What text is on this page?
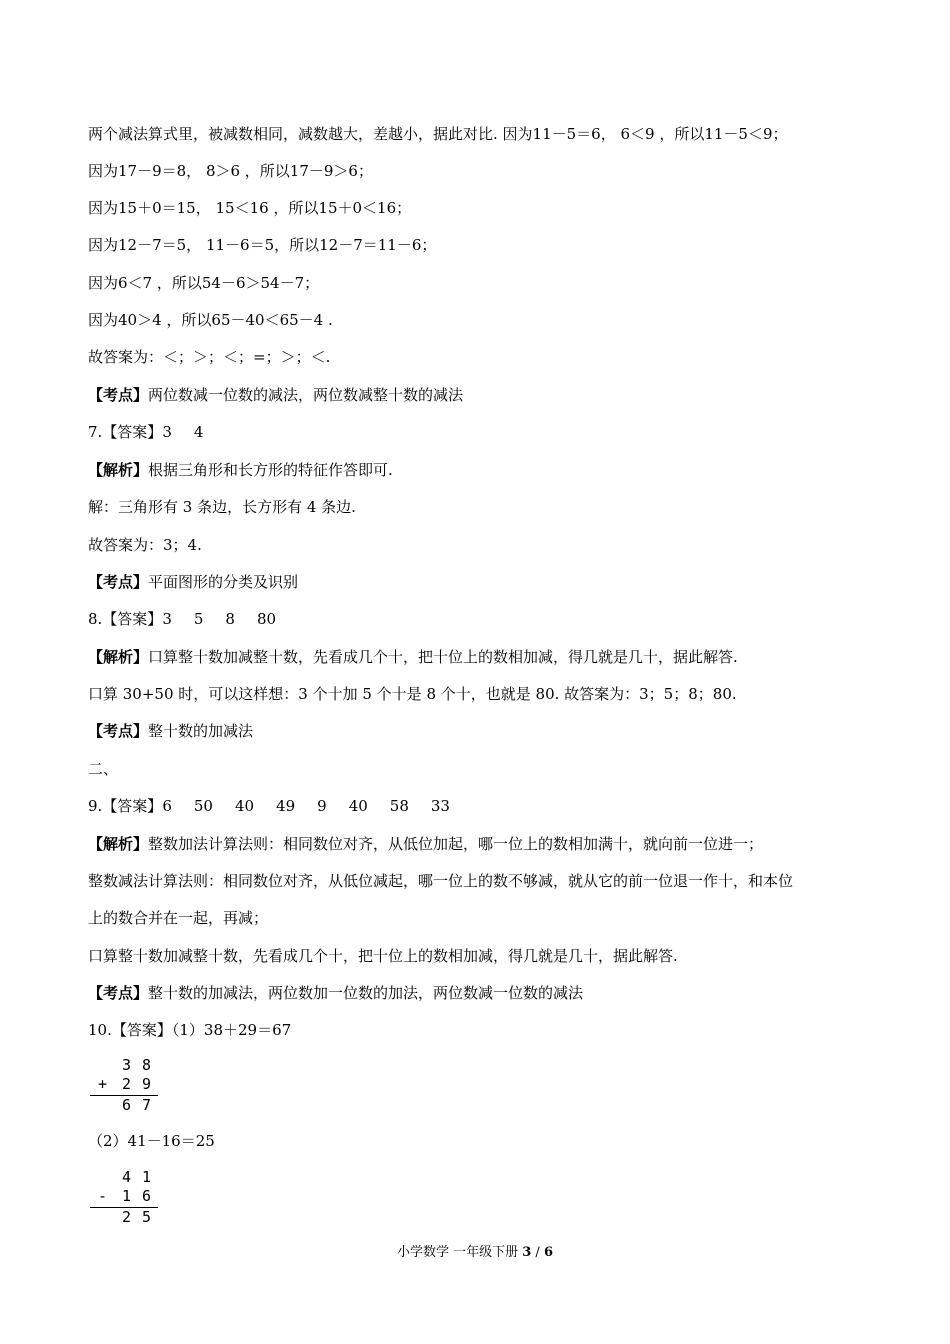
两个减法算式里，被减数相同，减数越大，差越小，据此对比. 因为11－5＝6， 6＜9 ，所以11－5＜9；
因为17－9＝8， 8＞6 ，所以17－9＞6；
因为15＋0＝15， 15＜16 ，所以15＋0＜16；
因为12－7＝5， 11－6＝5，所以12－7＝11－6；
因为6＜7 ，所以54－6＞54－7；
因为40＞4 ，所以65－40＜65－4 .
故答案为：＜；＞；＜；=；＞；＜.
【考点】两位数减一位数的减法，两位数减整十数的减法
7.【答案】3 4
【解析】根据三角形和长方形的特征作答即可.
解：三角形有 3 条边，长方形有 4 条边.
故答案为：3；4.
【考点】平面图形的分类及识别
8.【答案】3 5 8 80
【解析】口算整十数加减整十数，先看成几个十，把十位上的数相加减，得几就是几十，据此解答.
口算 30+50 时，可以这样想：3 个十加 5 个十是 8 个十，也就是 80. 故答案为：3；5；8；80.
【考点】整十数的加减法
二、
9.【答案】6 50 40 49 9 40 58 33
【解析】整数加法计算法则：相同数位对齐，从低位加起，哪一位上的数相加满十，就向前一位进一；
整数减法计算法则：相同数位对齐，从低位减起，哪一位上的数不够减，就从它的前一位退一作十，和本位
上的数合并在一起，再减；
口算整十数加减整十数，先看成几个十，把十位上的数相加减，得几就是几十，据此解答.
【考点】整十数的加减法，两位数加一位数的加法，两位数减一位数的减法
10.【答案】（1）38＋29＝67
（2）41－16＝25
3 8
+ 2 9
6 7
4 1
- 1 6
2 5
小学数学 一年级下册 3 / 6
